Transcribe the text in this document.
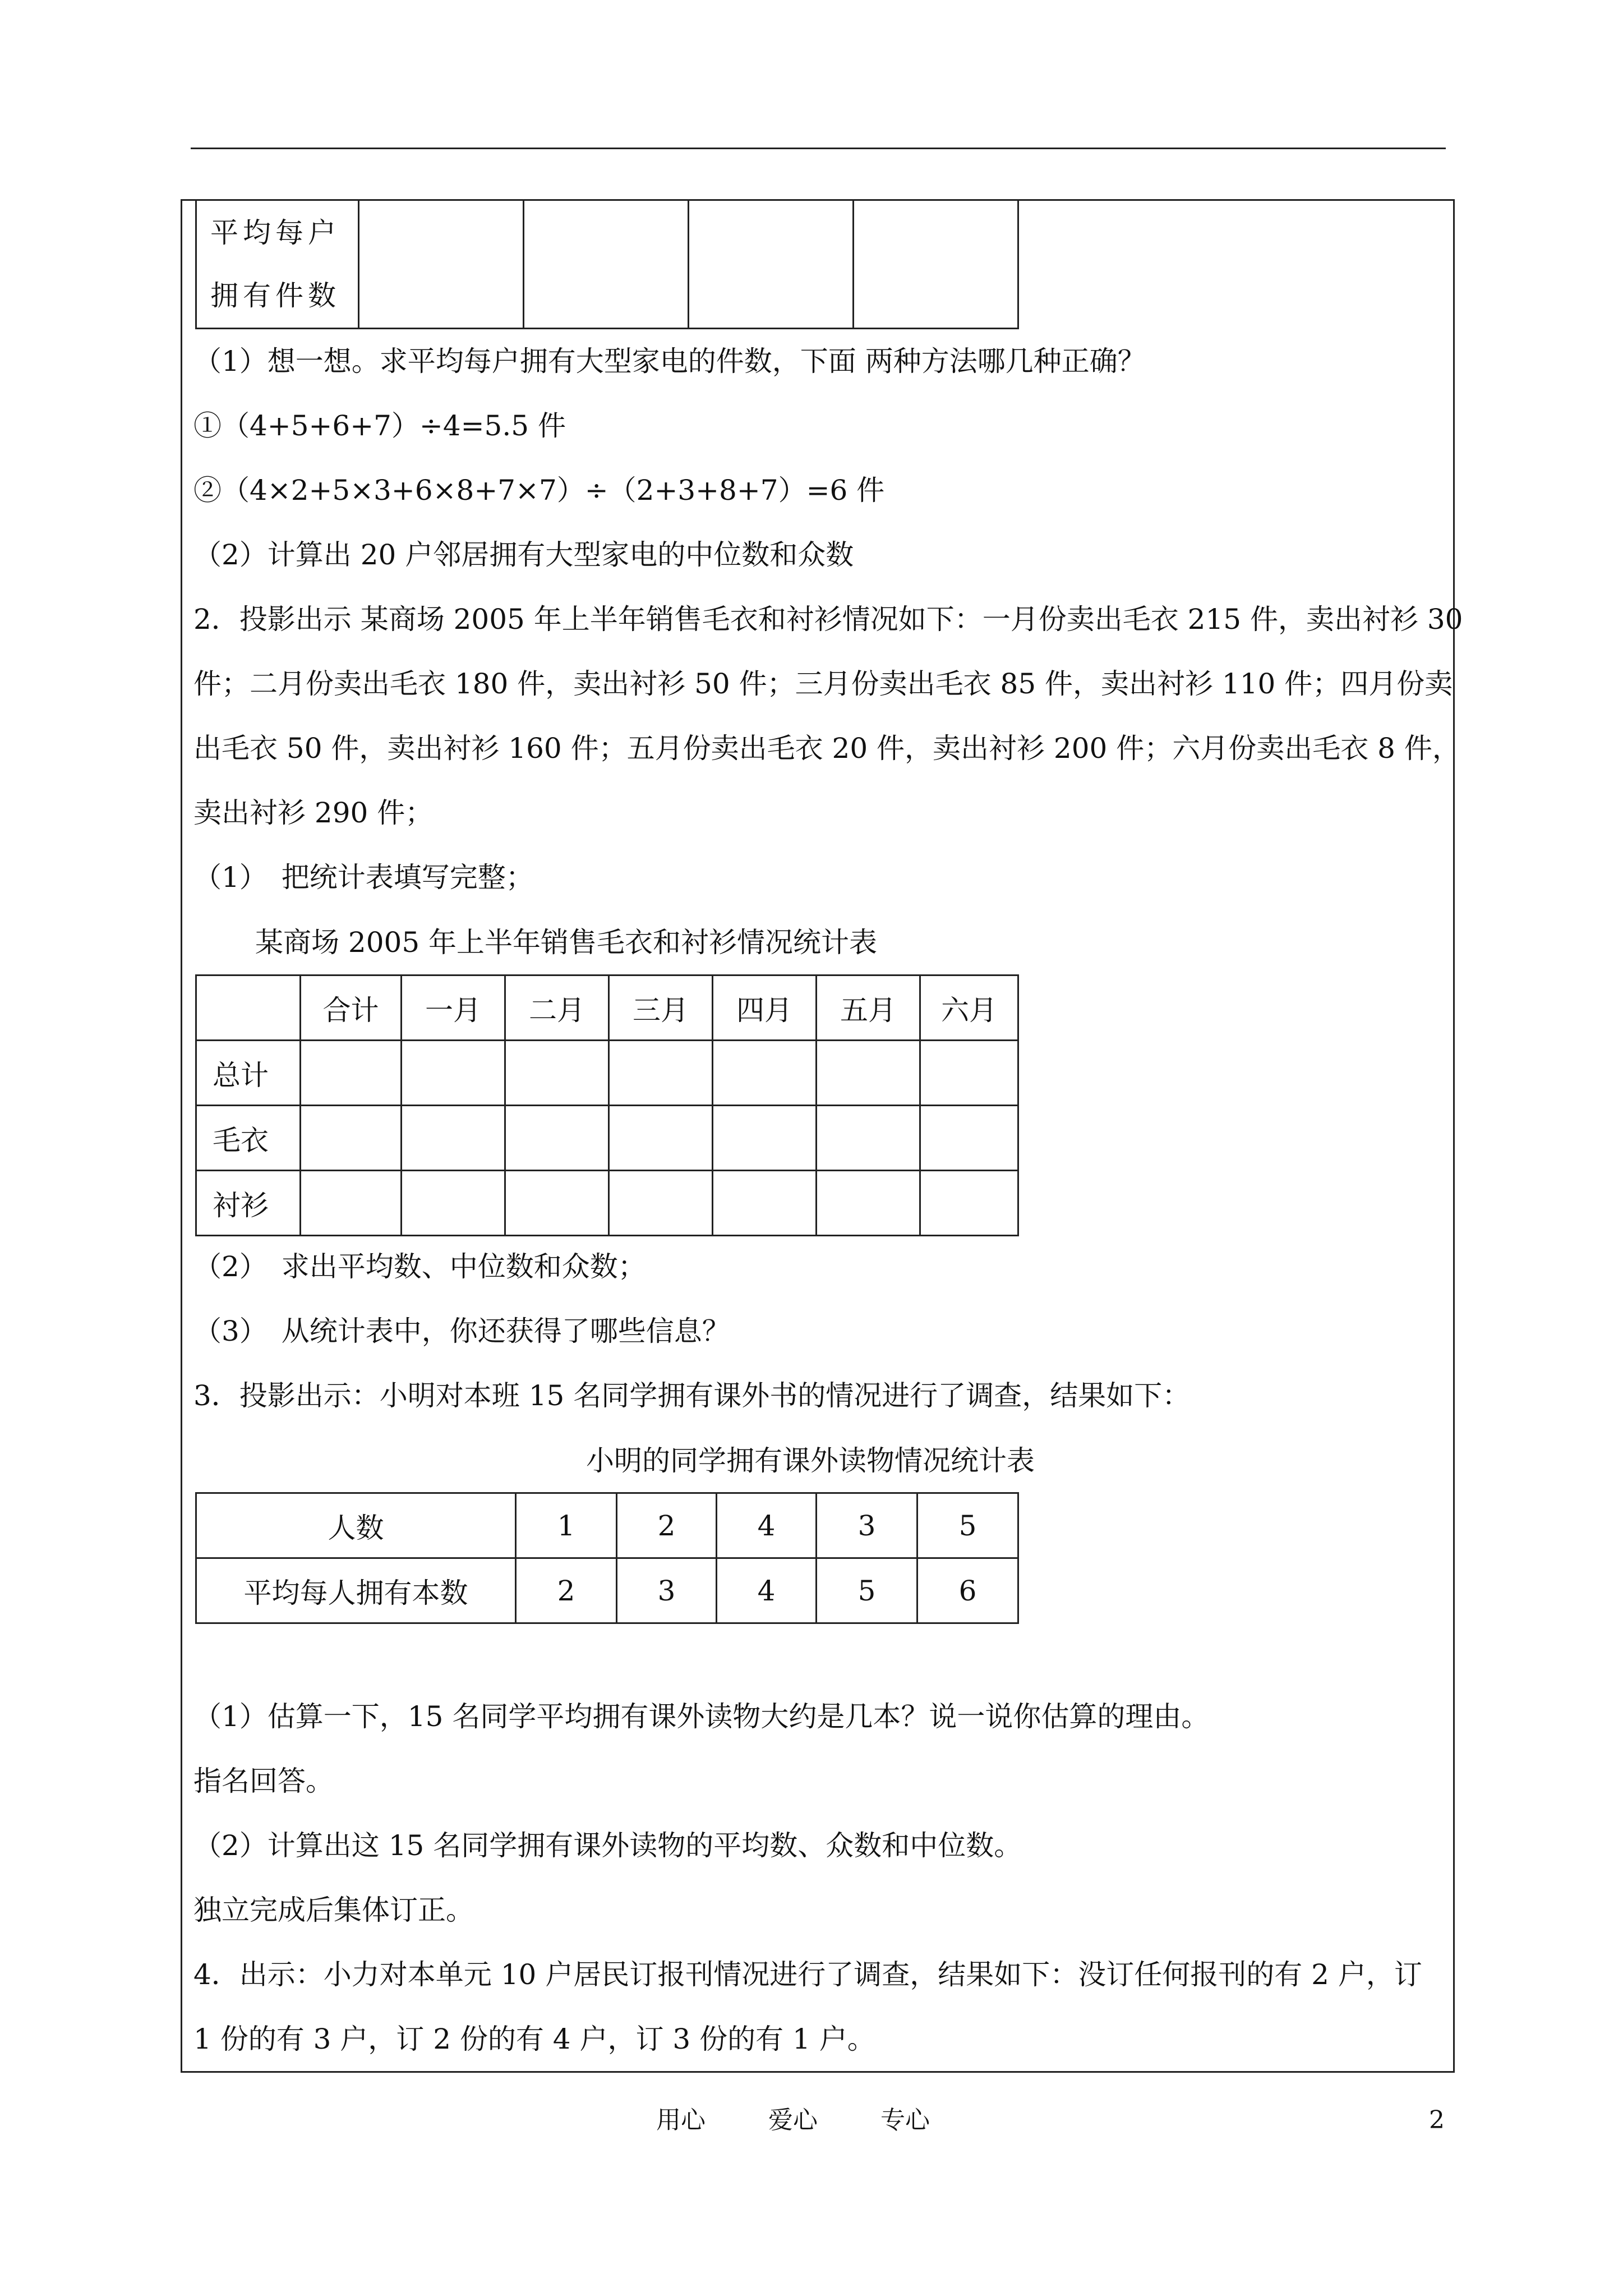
平均每户
拥有件数				
（1）想一想。求平均每户拥有大型家电的件数，下面 两种方法哪几种正确？
①（4+5+6+7）÷4=5.5 件
②（4×2+5×3+6×8+7×7）÷（2+3+8+7）=6 件
（2）计算出 20 户邻居拥有大型家电的中位数和众数
2．投影出示 某商场 2005 年上半年销售毛衣和衬衫情况如下：一月份卖出毛衣 215 件，卖出衬衫 30
件；二月份卖出毛衣 180 件，卖出衬衫 50 件；三月份卖出毛衣 85 件，卖出衬衫 110 件；四月份卖
出毛衣 50 件，卖出衬衫 160 件；五月份卖出毛衣 20 件，卖出衬衫 200 件；六月份卖出毛衣 8 件，
卖出衬衫 290 件；
（1）　把统计表填写完整；
某商场 2005 年上半年销售毛衣和衬衫情况统计表
	合计	一月	二月	三月	四月	五月	六月
总计							
毛衣							
衬衫							
（2）　求出平均数、中位数和众数；
（3）　从统计表中，你还获得了哪些信息？
3．投影出示：小明对本班 15 名同学拥有课外书的情况进行了调查，结果如下：
小明的同学拥有课外读物情况统计表
人数	1	2	4	3	5
平均每人拥有本数	2	3	4	5	6
（1）估算一下，15 名同学平均拥有课外读物大约是几本？说一说你估算的理由。
指名回答。
（2）计算出这 15 名同学拥有课外读物的平均数、众数和中位数。
独立完成后集体订正。
4．出示：小力对本单元 10 户居民订报刊情况进行了调查，结果如下：没订任何报刊的有 2 户，订
1 份的有 3 户，订 2 份的有 4 户，订 3 份的有 1 户。
用心	爱心	专心	2
